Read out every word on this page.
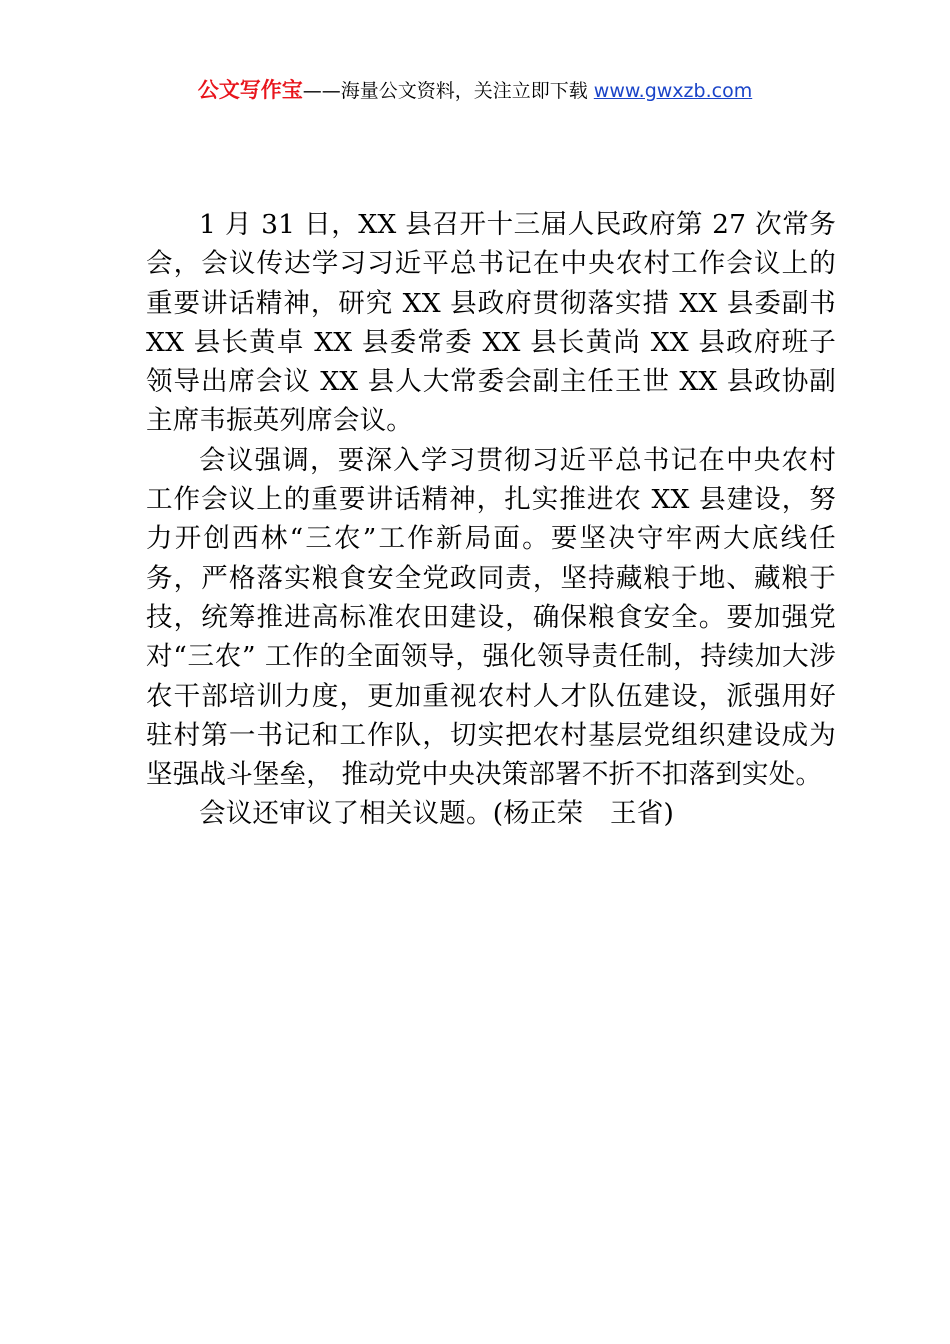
公文写作宝——海量公文资料，关注立即下载 www.gwxzb.com

1 月 31 日，XX 县召开十三届人民政府第 27 次常务会，会议传达学习习近平总书记在中央农村工作会议上的重要讲话精神，研究 XX 县政府贯彻落实措 XX 县委副书 XX 县长黄卓 XX 县委常委 XX 县长黄尚 XX 县政府班子领导出席会议 XX 县人大常委会副主任王世 XX 县政协副主席韦振英列席会议。

会议强调，要深入学习贯彻习近平总书记在中央农村工作会议上的重要讲话精神，扎实推进农 XX 县建设，努力开创西林“三农”工作新局面。要坚决守牢两大底线任务，严格落实粮食安全党政同责，坚持藏粮于地、藏粮于技，统筹推进高标准农田建设，确保粮食安全。要加强党对“三农” 工作的全面领导，强化领导责任制，持续加大涉农干部培训力度，更加重视农村人才队伍建设，派强用好驻村第一书记和工作队，切实把农村基层党组织建设成为坚强战斗堡垒， 推动党中央决策部署不折不扣落到实处。

会议还审议了相关议题。(杨正荣　王省)
